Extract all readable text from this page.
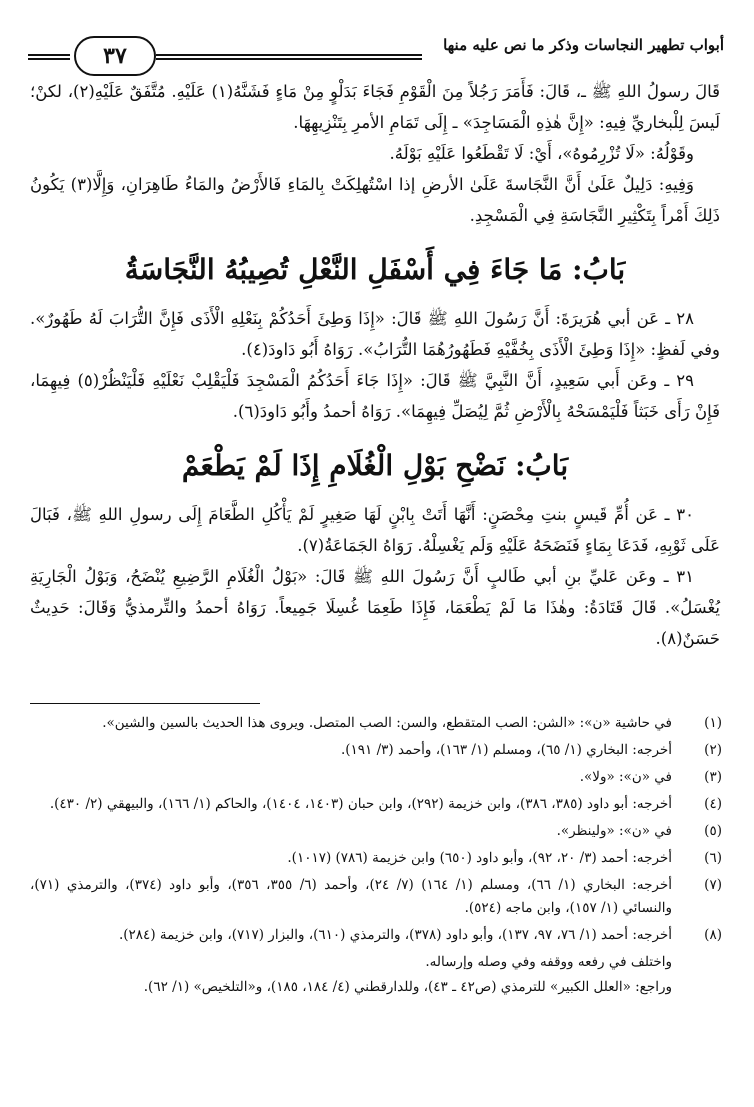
أبواب تطهير النجاسات وذكر ما نص عليه منها
٣٧

قَالَ رسولُ اللهِ ﷺ ـ، قَالَ: فَأَمَرَ رَجُلاً مِنَ الْقَوْمِ فَجَاءَ بَدَلْوٍ مِنْ مَاءٍ فَشَنَّهُ(١) عَلَيْهِ. مُتَّفَقٌ عَلَيْهِ(٢)، لكنْ؛ لَيسَ لِلْبخاريِّ فِيهِ: «إِنَّ هٰذِهِ الْمَسَاجِدَ» ـ إِلَى تَمَامِ الأمرِ بِتَنْزِيهِهَا.

وقَوْلُهُ: «لَا تُزْرِمُوهُ»، أَيْ: لَا تَقْطَعُوا عَلَيْهِ بَوْلَهُ.

وَفِيهِ: دَلِيلٌ عَلَىٰ أَنَّ النَّجَاسةَ عَلَىٰ الأرضِ إذا اسْتُهلِكَتْ بِالمَاءِ فَالأَرْضُ والمَاءُ طَاهِرَانِ، وَإِلَّا(٣) يَكُونُ ذَلِكَ أَمْراً بِتَكْثِيرِ النَّجَاسَةِ فِي الْمَسْجِدِ.

بَابُ: مَا جَاءَ فِي أَسْفَلِ النَّعْلِ تُصِيبُهُ النَّجَاسَةُ

٢٨ ـ عَن أبي هُرَيرَةَ: أَنَّ رَسُولَ اللهِ ﷺ قَالَ: «إِذَا وَطِئَ أَحَدُكُمْ بِنَعْلِهِ الْأَذَى فَإِنَّ التُّرَابَ لَهُ طَهُورٌ». وفي لَفظٍ: «إِذَا وَطِئَ الْأَذَى بِخُفَّيْهِ فَطَهُورُهُمَا التُّرَابُ». رَوَاهُ أَبُو دَاودَ(٤).

٢٩ ـ وعَن أَبي سَعِيدٍ، أَنَّ النَّبِيَّ ﷺ قَالَ: «إِذَا جَاءَ أَحَدُكُمُ الْمَسْجِدَ فَلْيَقْلِبْ نَعْلَيْهِ فَلْيَنْظُرْ(٥) فِيهِمَا، فَإِنْ رَأَى خَبَثاً فَلْيَمْسَحْهُ بِالْأَرْضِ ثُمَّ لِيُصَلِّ فِيهِمَا». رَوَاهُ أحمدُ وأَبُو دَاودَ(٦).

بَابُ: نَضْحِ بَوْلِ الْغُلَامِ إِذَا لَمْ يَطْعَمْ

٣٠ ـ عَن أُمِّ قَيسٍ بنتِ مِحْصَنٍ: أَنَّهَا أَتَتْ بِابْنٍ لَهَا صَغِيرٍ لَمْ يَأْكُلِ الطَّعَامَ إِلَى رسولِ اللهِ ﷺ، فَبَالَ عَلَى ثَوْبِهِ، فَدَعَا بِمَاءٍ فَنَضَحَهُ عَلَيْهِ وَلَم يَغْسِلْهُ. رَوَاهُ الجَمَاعَةُ(٧).

٣١ ـ وعَن عَليِّ بنِ أبي طَالبٍ أَنَّ رَسُولَ اللهِ ﷺ قَالَ: «بَوْلُ الْغُلَامِ الرَّضِيعِ يُنْضَحُ، وَبَوْلُ الْجَارِيَةِ يُغْسَلُ». قَالَ قَتَادَةُ: وهٰذَا مَا لَمْ يَطْعَمَا، فَإِذَا طَعِمَا غُسِلَا جَمِيعاً. رَوَاهُ أحمدُ والتِّرمذيُّ وَقَالَ: حَدِيثٌ حَسَنٌ(٨).

(١)
في حاشية «ن»: «الشن: الصب المتقطع، والسن: الصب المتصل. ويروى هذا الحديث بالسين والشين».
(٢)
أخرجه: البخاري (١/ ٦٥)، ومسلم (١/ ١٦٣)، وأحمد (٣/ ١٩١).
(٣)
في «ن»: «ولا».
(٤)
أخرجه: أبو داود (٣٨٥، ٣٨٦)، وابن خزيمة (٢٩٢)، وابن حبان (١٤٠٣، ١٤٠٤)، والحاكم (١/ ١٦٦)، والبيهقي (٢/ ٤٣٠).
(٥)
في «ن»: «ولينظر».
(٦)
أخرجه: أحمد (٣/ ٢٠، ٩٢)، وأبو داود (٦٥٠) وابن خزيمة (٧٨٦) (١٠١٧).
(٧)
أخرجه: البخاري (١/ ٦٦)، ومسلم (١/ ١٦٤) (٧/ ٢٤)، وأحمد (٦/ ٣٥٥، ٣٥٦)، وأبو داود (٣٧٤)، والترمذي (٧١)، والنسائي (١/ ١٥٧)، وابن ماجه (٥٢٤).
(٨)
أخرجه: أحمد (١/ ٧٦، ٩٧، ١٣٧)، وأبو داود (٣٧٨)، والترمذي (٦١٠)، والبزار (٧١٧)، وابن خزيمة (٢٨٤).
واختلف في رفعه ووقفه وفي وصله وإرساله.
وراجع: «العلل الكبير» للترمذي (ص٤٢ ـ ٤٣)، وللدارقطني (٤/ ١٨٤، ١٨٥)، و«التلخيص» (١/ ٦٢).
